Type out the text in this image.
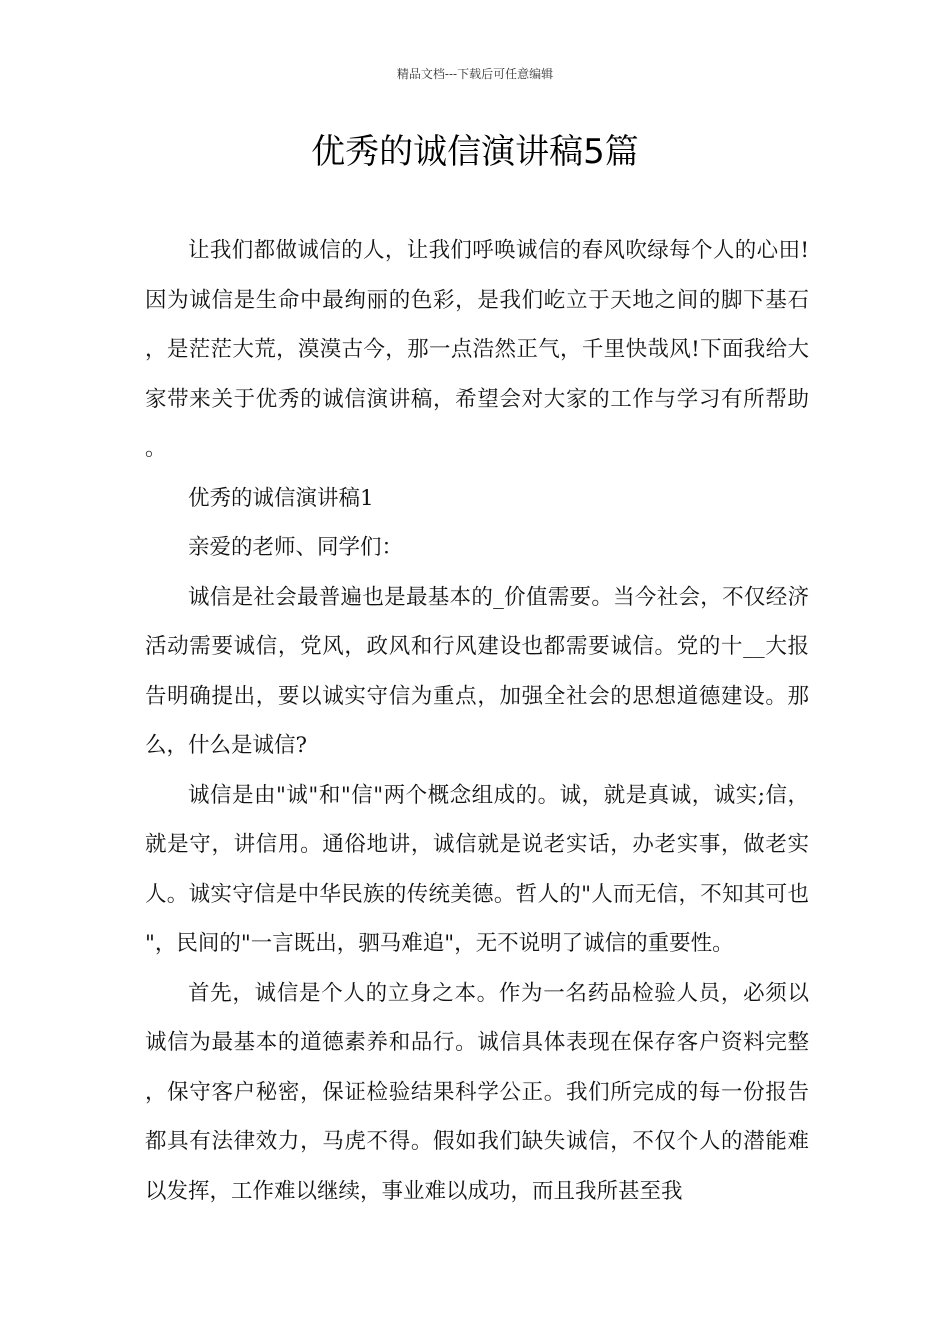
精品文档---下载后可任意编辑
优秀的诚信演讲稿5篇

让我们都做诚信的人，让我们呼唤诚信的春风吹绿每个人的心田!因为诚信是生命中最绚丽的色彩，是我们屹立于天地之间的脚下基石，是茫茫大荒，漠漠古今，那一点浩然正气，千里快哉风!下面我给大家带来关于优秀的诚信演讲稿，希望会对大家的工作与学习有所帮助。

优秀的诚信演讲稿1

亲爱的老师、同学们：

诚信是社会最普遍也是最基本的_价值需要。当今社会，不仅经济活动需要诚信，党风，政风和行风建设也都需要诚信。党的十__大报告明确提出，要以诚实守信为重点，加强全社会的思想道德建设。那么，什么是诚信?

诚信是由"诚"和"信"两个概念组成的。诚，就是真诚，诚实;信，就是守，讲信用。通俗地讲，诚信就是说老实话，办老实事，做老实人。诚实守信是中华民族的传统美德。哲人的"人而无信，不知其可也"，民间的"一言既出，驷马难追"，无不说明了诚信的重要性。

首先，诚信是个人的立身之本。作为一名药品检验人员，必须以诚信为最基本的道德素养和品行。诚信具体表现在保存客户资料完整，保守客户秘密，保证检验结果科学公正。我们所完成的每一份报告都具有法律效力，马虎不得。假如我们缺失诚信，不仅个人的潜能难以发挥，工作难以继续，事业难以成功，而且我所甚至我
